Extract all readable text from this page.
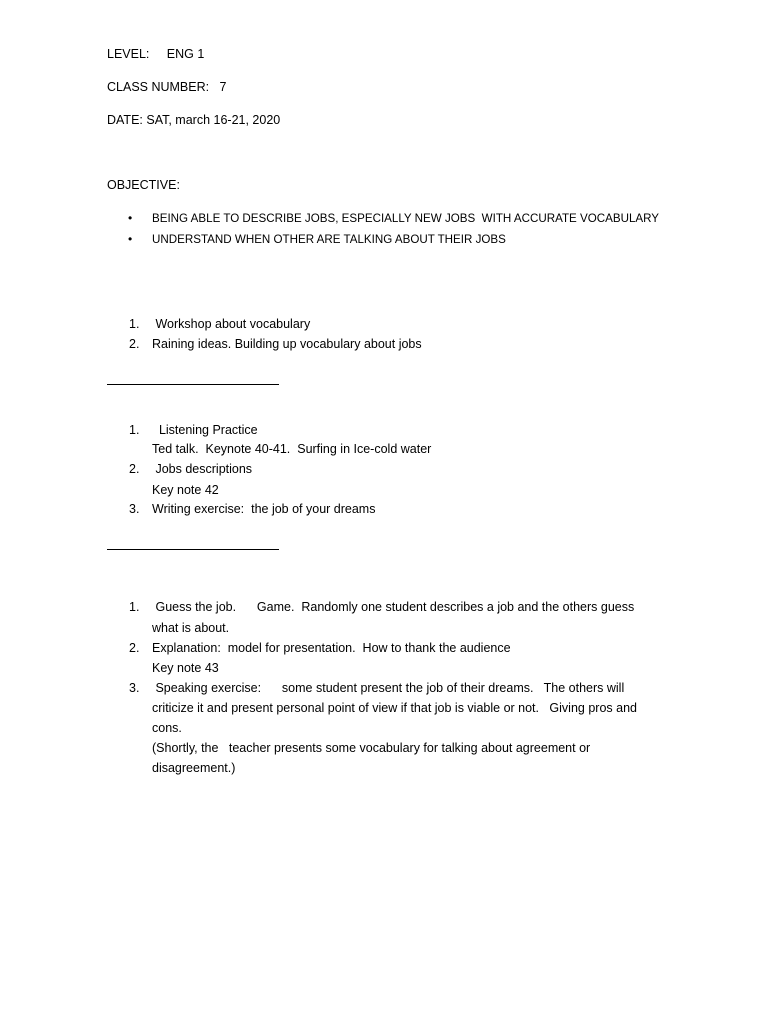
LEVEL:     ENG 1
CLASS NUMBER:   7
DATE: SAT, march 16-21, 2020
OBJECTIVE:
• BEING ABLE TO DESCRIBE JOBS, ESPECIALLY NEW JOBS  WITH ACCURATE VOCABULARY
• UNDERSTAND WHEN OTHER ARE TALKING ABOUT THEIR JOBS
1. Workshop about vocabulary
2. Raining ideas. Building up vocabulary about jobs
1. Listening Practice
Ted talk.  Keynote 40-41.  Surfing in Ice-cold water
2. Jobs descriptions
Key note 42
3. Writing exercise:  the job of your dreams
1. Guess the job.      Game.  Randomly one student describes a job and the others guess
what is about.
2. Explanation:  model for presentation.  How to thank the audience
Key note 43
3. Speaking exercise:      some student present the job of their dreams.   The others will
criticize it and present personal point of view if that job is viable or not.   Giving pros and
cons.
(Shortly, the   teacher presents some vocabulary for talking about agreement or
disagreement.)
